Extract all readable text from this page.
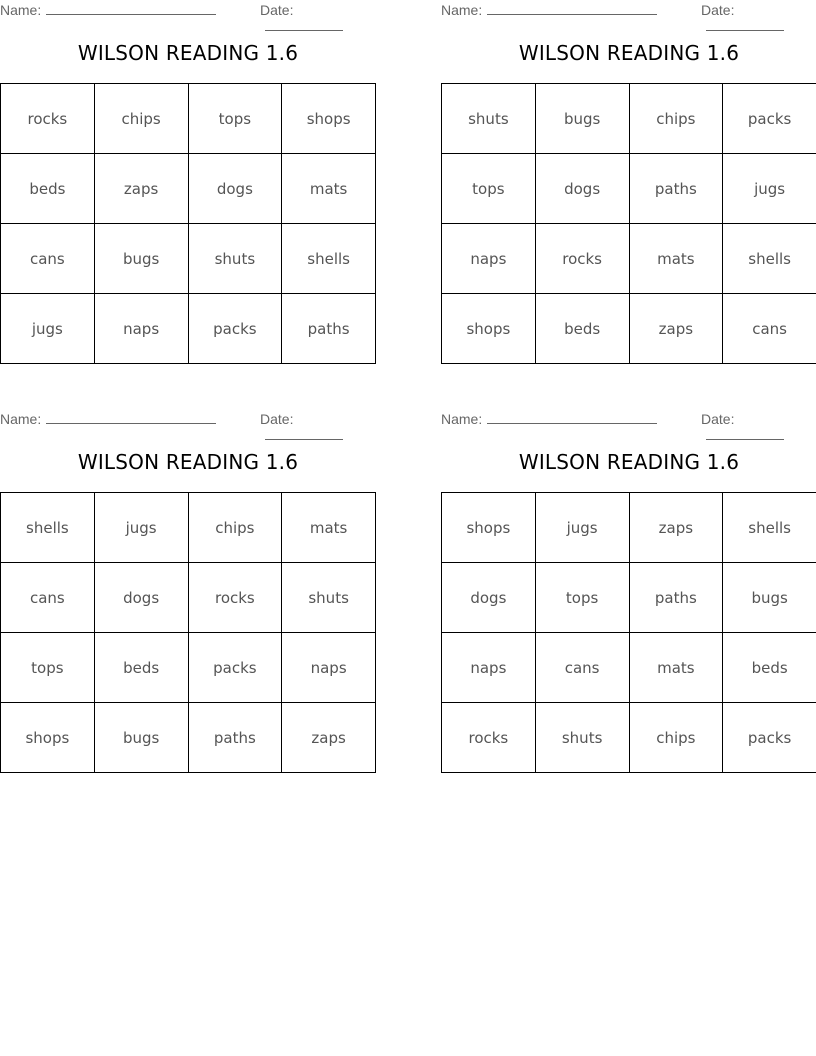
Name:	Date:
WILSON READING 1.6
rocks	chips	tops	shops
beds	zaps	dogs	mats
cans	bugs	shuts	shells
jugs	naps	packs	paths
Name:	Date:
WILSON READING 1.6
shuts	bugs	chips	packs
tops	dogs	paths	jugs
naps	rocks	mats	shells
shops	beds	zaps	cans
Name:	Date:
WILSON READING 1.6
shells	jugs	chips	mats
cans	dogs	rocks	shuts
tops	beds	packs	naps
shops	bugs	paths	zaps
Name:	Date:
WILSON READING 1.6
shops	jugs	zaps	shells
dogs	tops	paths	bugs
naps	cans	mats	beds
rocks	shuts	chips	packs
